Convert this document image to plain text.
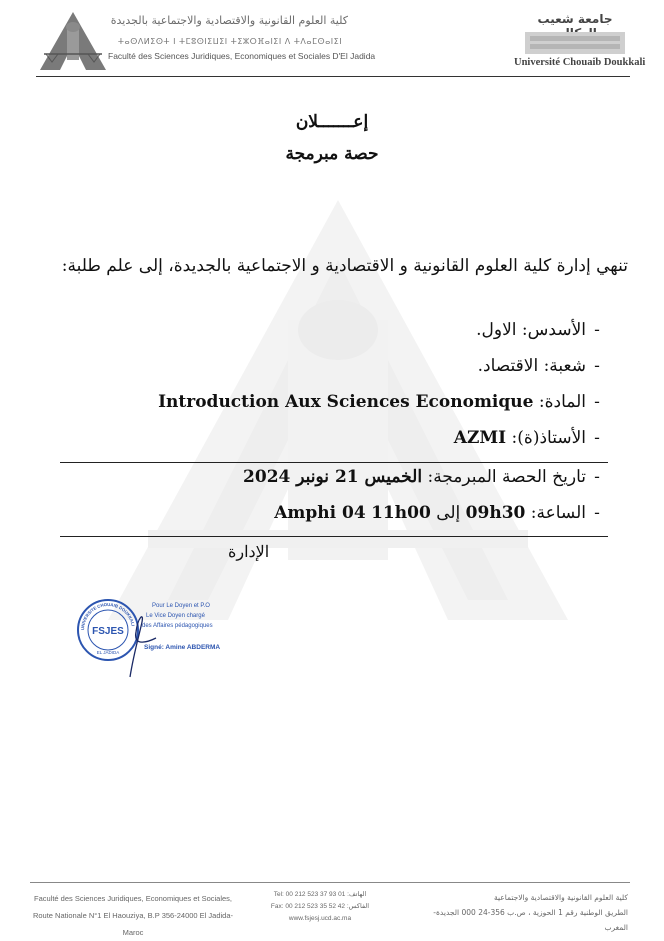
كلية العلوم القانونية والاقتصادية والاجتماعية بالجديدة
ⵜⴰⵙⴷⵍⵉⵙⵜ ⵏ ⵜⵎⵓⵙⵏⵉⵡⵉⵏ ⵜⵉⵣⵔⴼⴰⵏⵉⵏ ⴷ ⵜⴷⴰⵎⵙⴰⵏⵉⵏ
Faculté des Sciences Juridiques, Economiques et Sociales D'El Jadida
جامعة شعيب
Université Chouaib Doukkali
إعـــــــلان
حصة مبرمجة
تنهي إدارة كلية العلوم القانونية و الاقتصادية و الاجتماعية بالجديدة، إلى علم طلبة:
-الأسدس: الاول.
-شعبة: الاقتصاد.
-المادة: Introduction Aux Sciences Economique
-الأستاذ(ة): AZMI
-تاريخ الحصة المبرمجة: الخميس 21 نونبر 2024
-الساعة: 09h30 إلى 11h00 Amphi 04
الإدارة
UNIVERSITE CHOUAIB DOUKKALI
FSJES
EL JADIDA
Pour Le Doyen et P.O
Le Vice Doyen chargé
des Affaires pédagogiques
Signé: Amine ABDERMA
Faculté des Sciences Juridiques, Economiques et Sociales,
Route Nationale N°1 El Haouziya, B.P 356-24000 El Jadida-Maroc
Tel: 00 212 523 37 93 01 :الهاتف
Fax: 00 212 523 35 52 42 :الفاكس
www.fsjesj.ucd.ac.ma
كلية العلوم القانونية والاقتصادية والاجتماعية
الطريق الوطنية رقم 1 الحوزية ، ص.ب 356-24 000 الجديدة-المغرب
